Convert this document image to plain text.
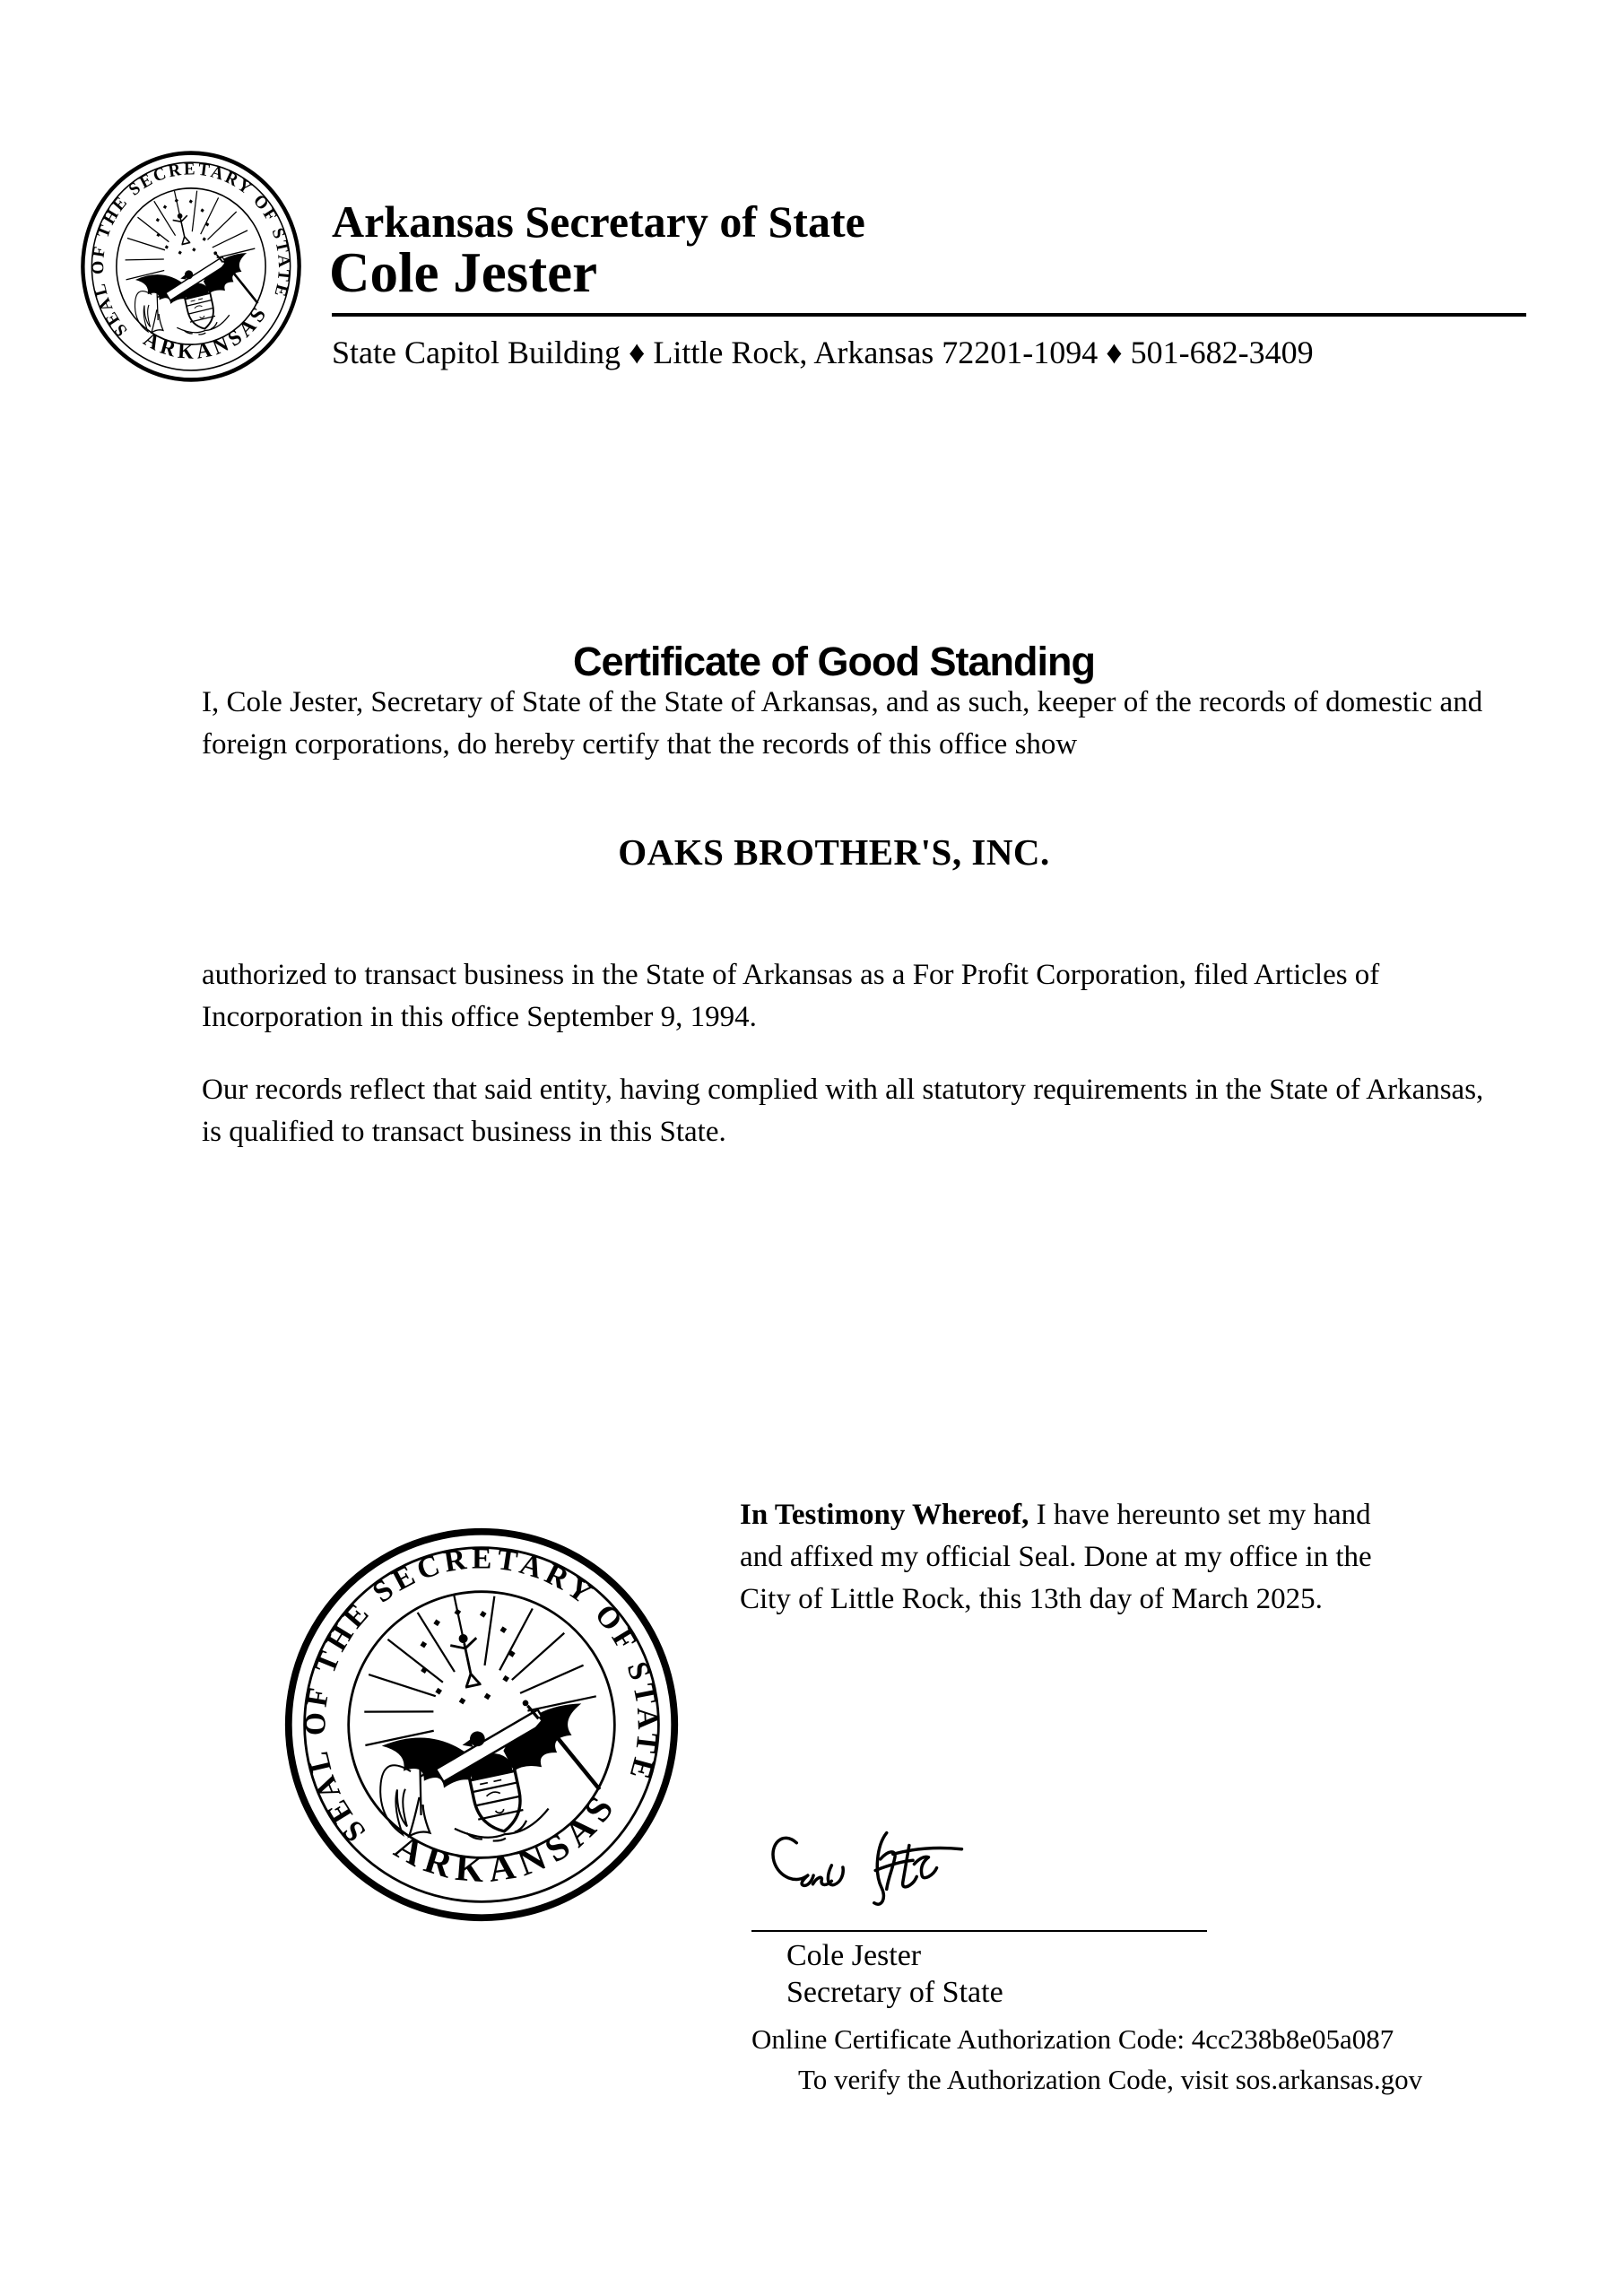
Arkansas Secretary of State
Cole Jester
State Capitol Building ♦ Little Rock, Arkansas 72201-1094 ♦ 501-682-3409
Certificate of Good Standing
I, Cole Jester, Secretary of State of the State of Arkansas, and as such, keeper of the records of domestic and foreign corporations, do hereby certify that the records of this office show
OAKS BROTHER'S, INC.
authorized to transact business in the State of Arkansas as a For Profit Corporation, filed Articles of Incorporation in this office September 9, 1994.
Our records reflect that said entity, having complied with all statutory requirements in the State of Arkansas, is qualified to transact business in this State.
In Testimony Whereof, I have hereunto set my hand
and affixed my official Seal. Done at my office in the
City of Little Rock, this 13th day of March 2025.
Cole Jester
Secretary of State
Online Certificate Authorization Code: 4cc238b8e05a087
To verify the Authorization Code, visit sos.arkansas.gov
